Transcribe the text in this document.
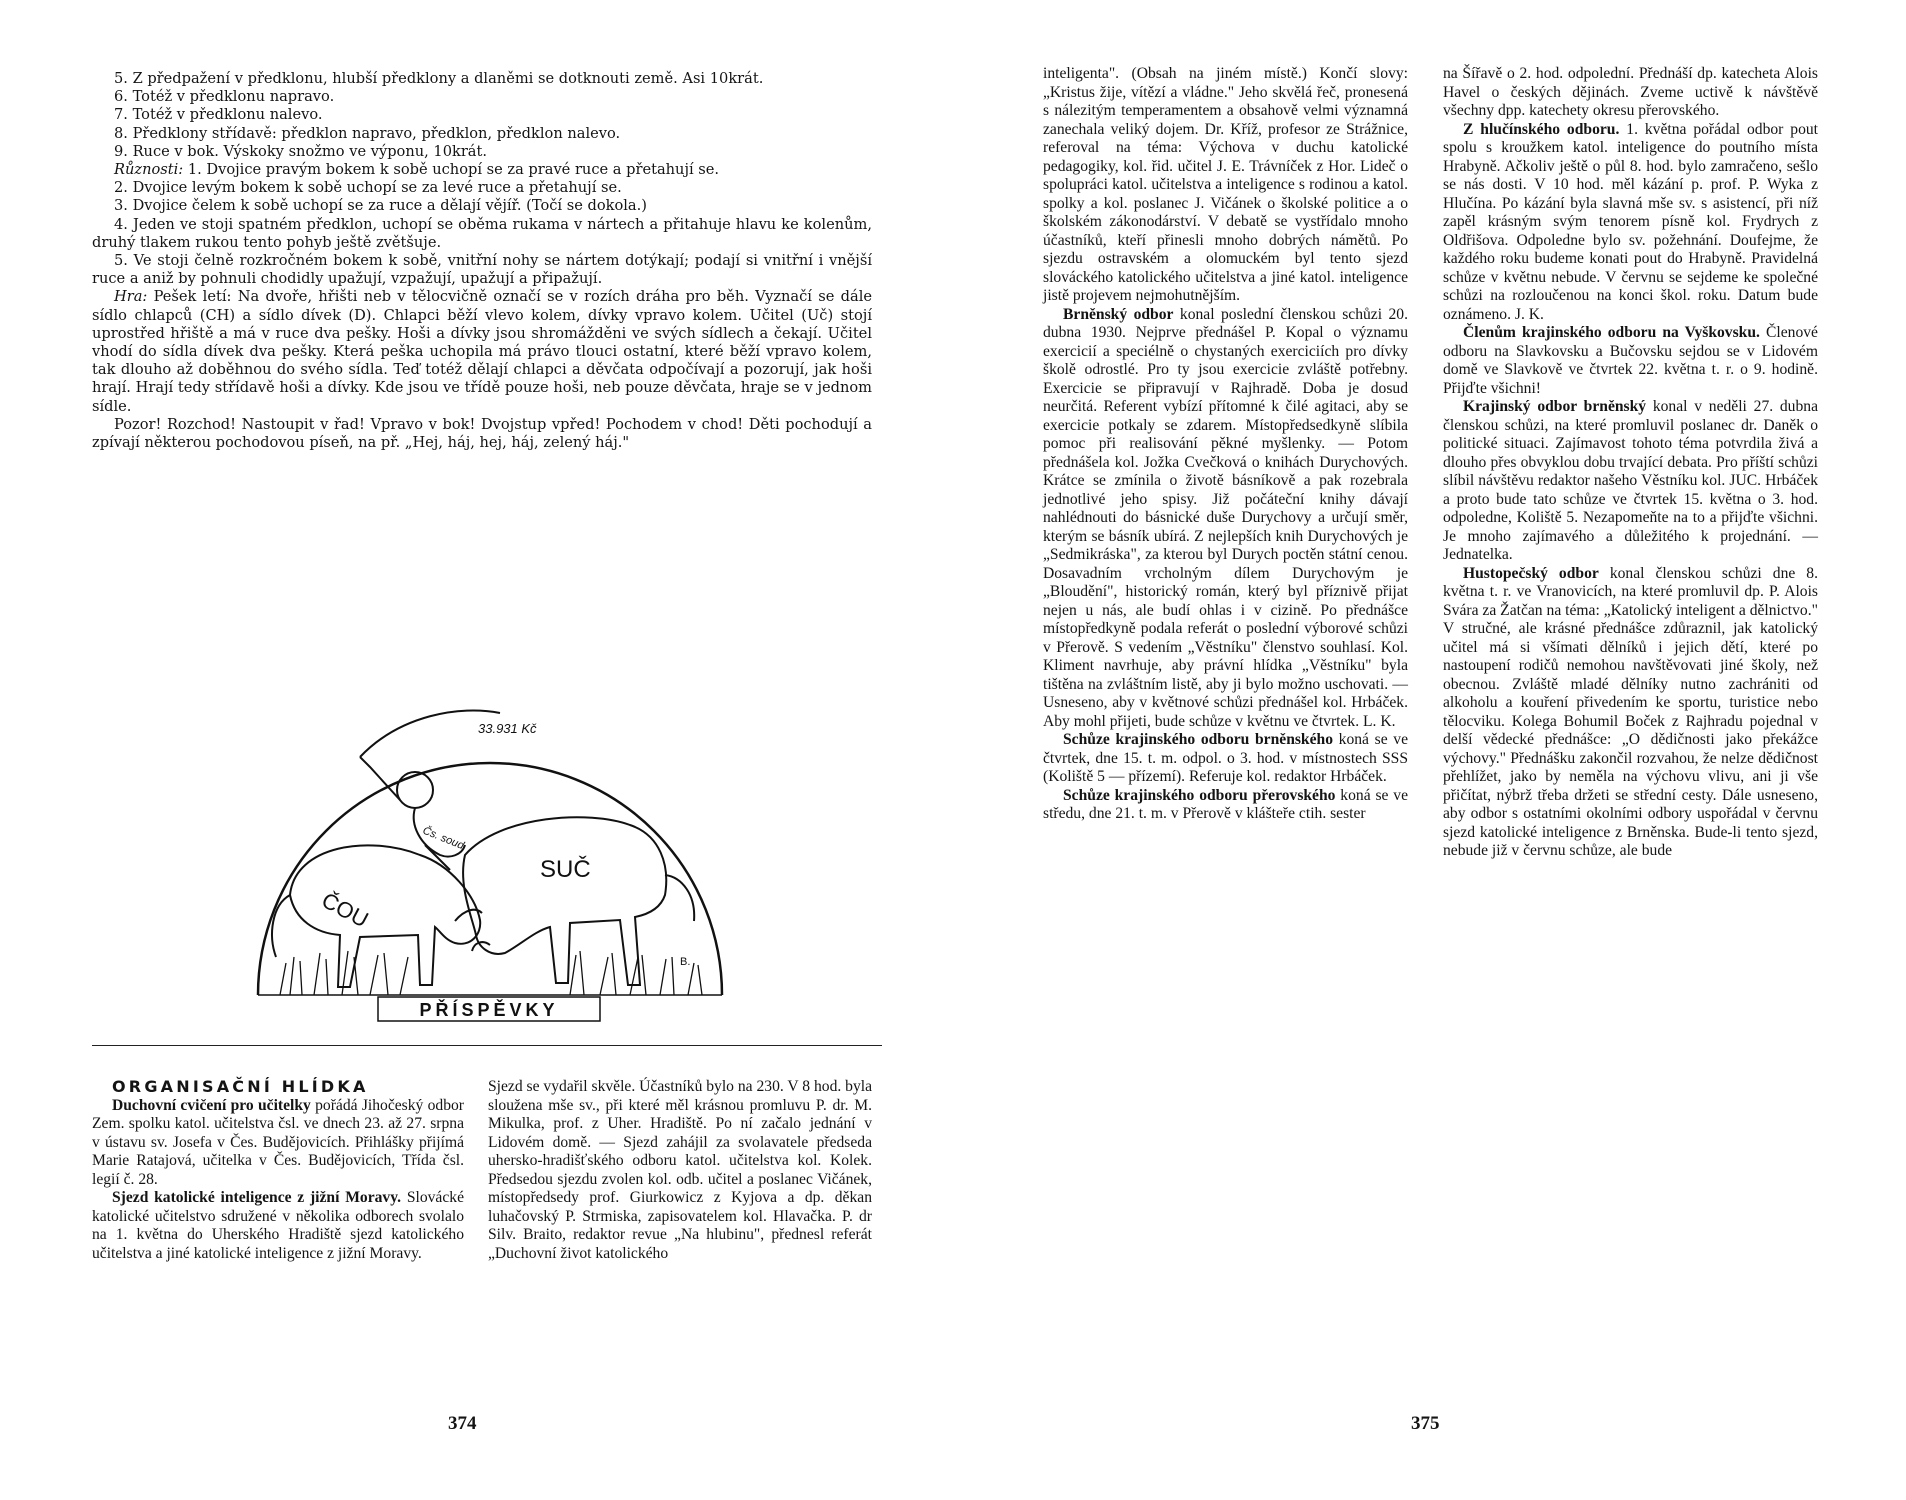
5. Z předpažení v předklonu, hlubší předklony a dlaněmi se dotknouti země. Asi 10krát.

6. Totéž v předklonu napravo.

7. Totéž v předklonu nalevo.

8. Předklony střídavě: předklon napravo, předklon, předklon nalevo.

9. Ruce v bok. Výskoky snožmo ve výponu, 10krát.

Různosti: 1. Dvojice pravým bokem k sobě uchopí se za pravé ruce a přetahují se.

2. Dvojice levým bokem k sobě uchopí se za levé ruce a přetahují se.

3. Dvojice čelem k sobě uchopí se za ruce a dělají vějíř. (Točí se dokola.)

4. Jeden ve stoji spatném předklon, uchopí se oběma rukama v nártech a přitahuje hlavu ke kolenům, druhý tlakem rukou tento pohyb ještě zvětšuje.

5. Ve stoji čelně rozkročném bokem k sobě, vnitřní nohy se nártem dotýkají; podají si vnitřní i vnější ruce a aniž by pohnuli chodidly upažují, vzpažují, upažují a připažují.

Hra: Pešek letí: Na dvoře, hřišti neb v tělocvičně označí se v rozích dráha pro běh. Vyznačí se dále sídlo chlapců (CH) a sídlo dívek (D). Chlapci běží vlevo kolem, dívky vpravo kolem. Učitel (Uč) stojí uprostřed hřiště a má v ruce dva pešky. Hoši a dívky jsou shromážděni ve svých sídlech a čekají. Učitel vhodí do sídla dívek dva pešky. Která peška uchopila má právo tlouci ostatní, které běží vpravo kolem, tak dlouho až doběhnou do svého sídla. Teď totéž dělají chlapci a děvčata odpočívají a pozorují, jak hoši hrají. Hrají tedy střídavě hoši a dívky. Kde jsou ve třídě pouze hoši, neb pouze děvčata, hraje se v jednom sídle.

Pozor! Rozchod! Nastoupit v řad! Vpravo v bok! Dvojstup vpřed! Pochodem v chod! Děti pochodují a zpívají některou pochodovou píseň, na př. „Hej, háj, hej, háj, zelený háj."

33.931 Kč
Čs. soud
ČOU
SUČ
B.
PŘÍSPĚVKY

ORGANISAČNÍ HLÍDKA

Duchovní cvičení pro učitelky pořádá Jihočeský odbor Zem. spolku katol. učitelstva čsl. ve dnech 23. až 27. srpna v ústavu sv. Josefa v Čes. Budějovicích. Přihlášky přijímá Marie Ratajová, učitelka v Čes. Budějovicích, Třída čsl. legií č. 28.

Sjezd katolické inteligence z jižní Moravy. Slovácké katolické učitelstvo sdružené v několika odborech svolalo na 1. května do Uherského Hradiště sjezd katolického učitelstva a jiné katolické inteligence z jižní Moravy.

Sjezd se vydařil skvěle. Účastníků bylo na 230. V 8 hod. byla sloužena mše sv., při které měl krásnou promluvu P. dr. M. Mikulka, prof. z Uher. Hradiště. Po ní začalo jednání v Lidovém domě. — Sjezd zahájil za svolavatele předseda uhersko-hradišťského odboru katol. učitelstva kol. Kolek. Předsedou sjezdu zvolen kol. odb. učitel a poslanec Vičánek, místopředsedy prof. Giurkowicz z Kyjova a dp. děkan luhačovský P. Strmiska, zapisovatelem kol. Hlavačka. P. dr Silv. Braito, redaktor revue „Na hlubinu", přednesl referát „Duchovní život katolického

374

inteligenta". (Obsah na jiném místě.) Končí slovy: „Kristus žije, vítězí a vládne." Jeho skvělá řeč, pronesená s nálezitým temperamentem a obsahově velmi významná zanechala veliký dojem. Dr. Kříž, profesor ze Strážnice, referoval na téma: Výchova v duchu katolické pedagogiky, kol. řid. učitel J. E. Trávníček z Hor. Lideč o spolupráci katol. učitelstva a inteligence s rodinou a katol. spolky a kol. poslanec J. Vičánek o školské politice a o školském zákonodárství. V debatě se vystřídalo mnoho účastníků, kteří přinesli mnoho dobrých námětů. Po sjezdu ostravském a olomuckém byl tento sjezd slováckého katolického učitelstva a jiné katol. inteligence jistě projevem nejmohutnějším.

Brněnský odbor konal poslední členskou schůzi 20. dubna 1930. Nejprve přednášel P. Kopal o významu exercicií a speciélně o chystaných exerciciích pro dívky školě odrostlé. Pro ty jsou exercicie zvláště potřebny. Exercicie se připravují v Rajhradě. Doba je dosud neurčitá. Referent vybízí přítomné k čilé agitaci, aby se exercicie potkaly se zdarem. Místopředsedkyně slíbila pomoc při realisování pěkné myšlenky. — Potom přednášela kol. Jožka Cvečková o knihách Durychových. Krátce se zmínila o životě básníkově a pak rozebrala jednotlivé jeho spisy. Již počáteční knihy dávají nahlédnouti do básnické duše Durychovy a určují směr, kterým se básník ubírá. Z nejlepších knih Durychových je „Sedmikráska", za kterou byl Durych poctěn státní cenou. Dosavadním vrcholným dílem Durychovým je „Bloudění", historický román, který byl příznivě přijat nejen u nás, ale budí ohlas i v cizině. Po přednášce místopředkyně podala referát o poslední výborové schůzi v Přerově. S vedením „Věstníku" členstvo souhlasí. Kol. Kliment navrhuje, aby právní hlídka „Věstníku" byla tištěna na zvláštním listě, aby ji bylo možno uschovati. — Usneseno, aby v květnové schůzi přednášel kol. Hrbáček. Aby mohl přijeti, bude schůze v květnu ve čtvrtek. L. K.

Schůze krajinského odboru brněnského koná se ve čtvrtek, dne 15. t. m. odpol. o 3. hod. v místnostech SSS (Koliště 5 — přízemí). Referuje kol. redaktor Hrbáček.

Schůze krajinského odboru přerovského koná se ve středu, dne 21. t. m. v Přerově v klášteře ctih. sester

na Šířavě o 2. hod. odpolední. Přednáší dp. katecheta Alois Havel o českých dějinách. Zveme uctivě k návštěvě všechny dpp. katechety okresu přerovského.

Z hlučínského odboru. 1. května pořádal odbor pout spolu s kroužkem katol. inteligence do poutního místa Hrabyně. Ačkoliv ještě o půl 8. hod. bylo zamračeno, sešlo se nás dosti. V 10 hod. měl kázání p. prof. P. Wyka z Hlučína. Po kázání byla slavná mše sv. s asistencí, při níž zapěl krásným svým tenorem písně kol. Frydrych z Oldřišova. Odpoledne bylo sv. požehnání. Doufejme, že každého roku budeme konati pout do Hrabyně. Pravidelná schůze v květnu nebude. V červnu se sejdeme ke společné schůzi na rozloučenou na konci škol. roku. Datum bude oznámeno. J. K.

Členům krajinského odboru na Vyškovsku. Členové odboru na Slavkovsku a Bučovsku sejdou se v Lidovém domě ve Slavkově ve čtvrtek 22. května t. r. o 9. hodině. Přijďte všichni!

Krajinský odbor brněnský konal v neděli 27. dubna členskou schůzi, na které promluvil poslanec dr. Daněk o politické situaci. Zajímavost tohoto téma potvrdila živá a dlouho přes obvyklou dobu trvající debata. Pro příští schůzi slíbil návštěvu redaktor našeho Věstníku kol. JUC. Hrbáček a proto bude tato schůze ve čtvrtek 15. května o 3. hod. odpoledne, Koliště 5. Nezapomeňte na to a přijďte všichni. Je mnoho zajímavého a důležitého k projednání. — Jednatelka.

Hustopečský odbor konal členskou schůzi dne 8. května t. r. ve Vranovicích, na které promluvil dp. P. Alois Svára za Žatčan na téma: „Katolický inteligent a dělnictvo." V stručné, ale krásné přednášce zdůraznil, jak katolický učitel má si všímati dělníků i jejich dětí, které po nastoupení rodičů nemohou navštěvovati jiné školy, než obecnou. Zvláště mladé dělníky nutno zachrániti od alkoholu a kouření přivedením ke sportu, turistice nebo tělocviku. Kolega Bohumil Boček z Rajhradu pojednal v delší vědecké přednášce: „O dědičnosti jako překážce výchovy." Přednášku zakončil rozvahou, že nelze dědičnost přehlížet, jako by neměla na výchovu vlivu, ani ji vše přičítat, nýbrž třeba držeti se střední cesty. Dále usneseno, aby odbor s ostatními okolními odbory uspořádal v červnu sjezd katolické inteligence z Brněnska. Bude-li tento sjezd, nebude již v červnu schůze, ale bude

375
